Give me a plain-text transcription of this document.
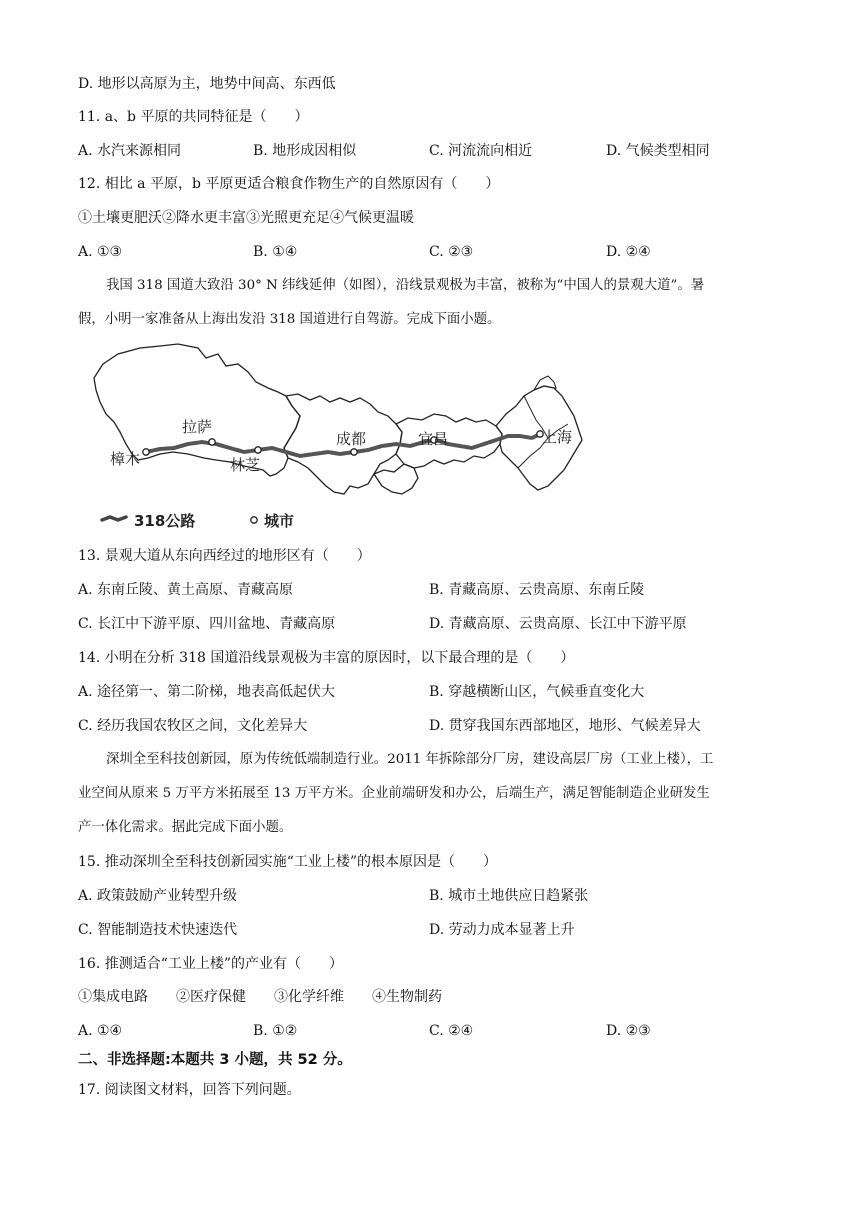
D. 地形以高原为主，地势中间高、东西低
11. a、b 平原的共同特征是（　　）
A. 水汽来源相同	B. 地形成因相似	C. 河流流向相近	D. 气候类型相同
12. 相比 a 平原，b 平原更适合粮食作物生产的自然原因有（　　）
①土壤更肥沃②降水更丰富③光照更充足④气候更温暖
A. ①③	B. ①④	C. ②③	D. ②④
我国 318 国道大致沿 30° N 纬线延伸（如图），沿线景观极为丰富，被称为“中国人的景观大道”。暑
假，小明一家准备从上海出发沿 318 国道进行自驾游。完成下面小题。
拉萨
樟木	林芝
成都	宜昌	上海
318公路	城市
13. 景观大道从东向西经过的地形区有（　　）
A. 东南丘陵、黄土高原、青藏高原	B. 青藏高原、云贵高原、东南丘陵
C. 长江中下游平原、四川盆地、青藏高原	D. 青藏高原、云贵高原、长江中下游平原
14. 小明在分析 318 国道沿线景观极为丰富的原因时，以下最合理的是（　　）
A. 途径第一、第二阶梯，地表高低起伏大	B. 穿越横断山区，气候垂直变化大
C. 经历我国农牧区之间，文化差异大	D. 贯穿我国东西部地区，地形、气候差异大
深圳全至科技创新园，原为传统低端制造行业。2011 年拆除部分厂房，建设高层厂房（工业上楼），工
业空间从原来 5 万平方米拓展至 13 万平方米。企业前端研发和办公，后端生产，满足智能制造企业研发生
产一体化需求。据此完成下面小题。
15. 推动深圳全至科技创新园实施“工业上楼”的根本原因是（　　）
A. 政策鼓励产业转型升级	B. 城市土地供应日趋紧张
C. 智能制造技术快速迭代	D. 劳动力成本显著上升
16. 推测适合“工业上楼”的产业有（　　）
①集成电路　　②医疗保健　　③化学纤维　　④生物制药
A. ①④	B. ①②	C. ②④	D. ②③
二、非选择题:本题共 3 小题，共 52 分。
17. 阅读图文材料，回答下列问题。
